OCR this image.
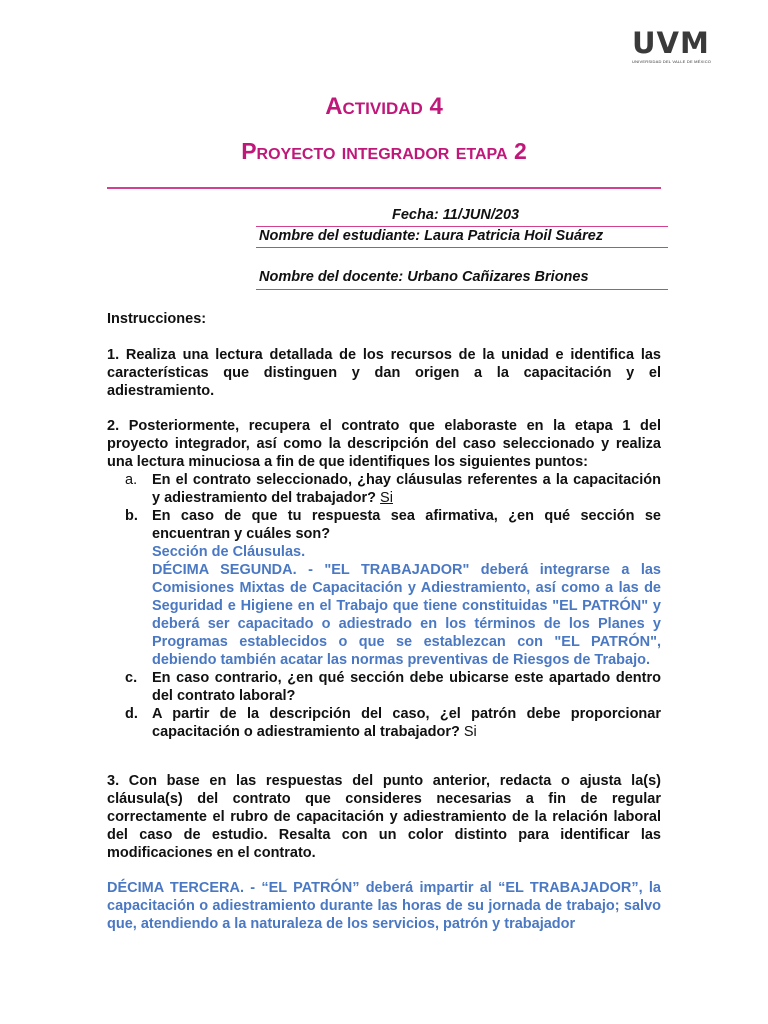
UVM
UNIVERSIDAD DEL VALLE DE MÉXICO
Actividad 4
Proyecto integrador etapa 2
Fecha: 11/JUN/203
Nombre del estudiante: Laura Patricia Hoil Suárez
Nombre del docente: Urbano Cañizares Briones
Instrucciones:
1. Realiza una lectura detallada de los recursos de la unidad e identifica las características que distinguen y dan origen a la capacitación y el adiestramiento.
2. Posteriormente, recupera el contrato que elaboraste en la etapa 1 del proyecto integrador, así como la descripción del caso seleccionado y realiza una lectura minuciosa a fin de que identifiques los siguientes puntos:
a. En el contrato seleccionado, ¿hay cláusulas referentes a la capacitación y adiestramiento del trabajador? Si
b. En caso de que tu respuesta sea afirmativa, ¿en qué sección se encuentran y cuáles son?
Sección de Cláusulas.
DÉCIMA SEGUNDA. - "EL TRABAJADOR" deberá integrarse a las Comisiones Mixtas de Capacitación y Adiestramiento, así como a las de Seguridad e Higiene en el Trabajo que tiene constituidas "EL PATRÓN" y deberá ser capacitado o adiestrado en los términos de los Planes y Programas establecidos o que se establezcan con "EL PATRÓN", debiendo también acatar las normas preventivas de Riesgos de Trabajo.
c. En caso contrario, ¿en qué sección debe ubicarse este apartado dentro del contrato laboral?
d. A partir de la descripción del caso, ¿el patrón debe proporcionar capacitación o adiestramiento al trabajador? Si
3. Con base en las respuestas del punto anterior, redacta o ajusta la(s) cláusula(s) del contrato que consideres necesarias a fin de regular correctamente el rubro de capacitación y adiestramiento de la relación laboral del caso de estudio. Resalta con un color distinto para identificar las modificaciones en el contrato.
DÉCIMA TERCERA. - “EL PATRÓN” deberá impartir al “EL TRABAJADOR”, la capacitación o adiestramiento durante las horas de su jornada de trabajo; salvo que, atendiendo a la naturaleza de los servicios, patrón y trabajador
